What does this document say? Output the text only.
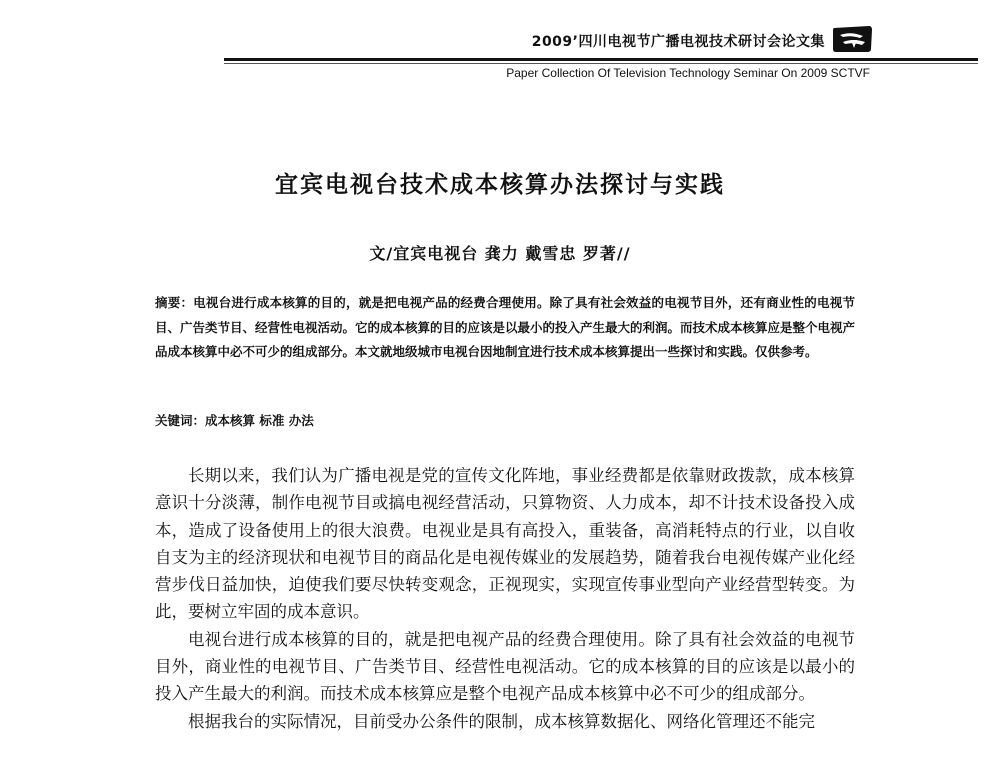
2009’四川电视节广播电视技术研讨会论文集
Paper Collection Of Television Technology Seminar On 2009 SCTVF
宜宾电视台技术成本核算办法探讨与实践
文/宜宾电视台 龚力 戴雪忠 罗著//
摘要：电视台进行成本核算的目的，就是把电视产品的经费合理使用。除了具有社会效益的电视节目外，还有商业性的电视节目、广告类节目、经营性电视活动。它的成本核算的目的应该是以最小的投入产生最大的利润。而技术成本核算应是整个电视产品成本核算中必不可少的组成部分。本文就地级城市电视台因地制宜进行技术成本核算提出一些探讨和实践。仅供参考。
关键词：成本核算 标准 办法

长期以来，我们认为广播电视是党的宣传文化阵地，事业经费都是依靠财政拨款，成本核算意识十分淡薄，制作电视节目或搞电视经营活动，只算物资、人力成本，却不计技术设备投入成本，造成了设备使用上的很大浪费。电视业是具有高投入，重装备，高消耗特点的行业，以自收自支为主的经济现状和电视节目的商品化是电视传媒业的发展趋势，随着我台电视传媒产业化经营步伐日益加快，迫使我们要尽快转变观念，正视现实，实现宣传事业型向产业经营型转变。为此，要树立牢固的成本意识。

电视台进行成本核算的目的，就是把电视产品的经费合理使用。除了具有社会效益的电视节目外，商业性的电视节目、广告类节目、经营性电视活动。它的成本核算的目的应该是以最小的投入产生最大的利润。而技术成本核算应是整个电视产品成本核算中必不可少的组成部分。

根据我台的实际情况，目前受办公条件的限制，成本核算数据化、网络化管理还不能完
